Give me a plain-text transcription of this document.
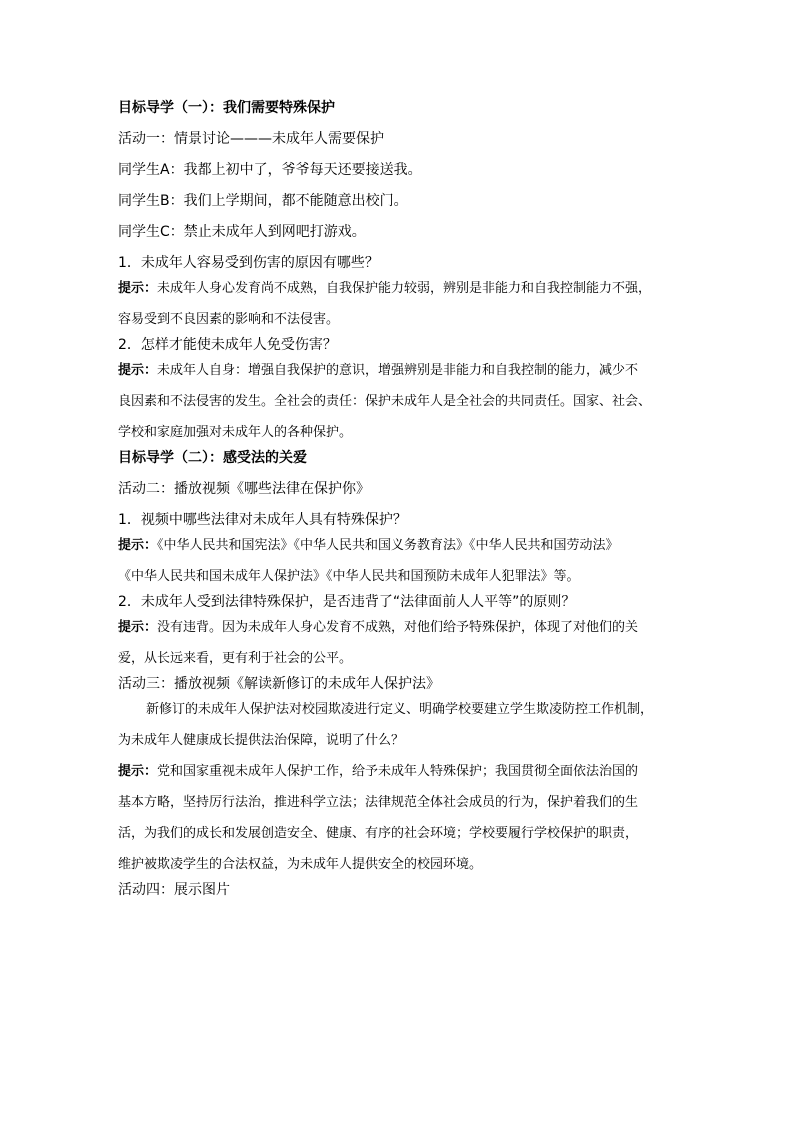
目标导学（一）：我们需要特殊保护
活动一：情景讨论———未成年人需要保护
同学生A：我都上初中了，爷爷每天还要接送我。
同学生B：我们上学期间，都不能随意出校门。
同学生C：禁止未成年人到网吧打游戏。
1．未成年人容易受到伤害的原因有哪些？
提示：未成年人身心发育尚不成熟，自我保护能力较弱，辨别是非能力和自我控制能力不强，
容易受到不良因素的影响和不法侵害。
2．怎样才能使未成年人免受伤害？
提示：未成年人自身：增强自我保护的意识，增强辨别是非能力和自我控制的能力，减少不
良因素和不法侵害的发生。全社会的责任：保护未成年人是全社会的共同责任。国家、社会、
学校和家庭加强对未成年人的各种保护。
目标导学（二）：感受法的关爱
活动二：播放视频《哪些法律在保护你》
1．视频中哪些法律对未成年人具有特殊保护？
提示：《中华人民共和国宪法》《中华人民共和国义务教育法》《中华人民共和国劳动法》
《中华人民共和国未成年人保护法》《中华人民共和国预防未成年人犯罪法》等。
2．未成年人受到法律特殊保护，是否违背了“法律面前人人平等”的原则？
提示：没有违背。因为未成年人身心发育不成熟，对他们给予特殊保护，体现了对他们的关
爱，从长远来看，更有利于社会的公平。
活动三：播放视频《解读新修订的未成年人保护法》
新修订的未成年人保护法对校园欺凌进行定义、明确学校要建立学生欺凌防控工作机制，
为未成年人健康成长提供法治保障，说明了什么？
提示：党和国家重视未成年人保护工作，给予未成年人特殊保护；我国贯彻全面依法治国的
基本方略，坚持厉行法治，推进科学立法；法律规范全体社会成员的行为，保护着我们的生
活，为我们的成长和发展创造安全、健康、有序的社会环境；学校要履行学校保护的职责，
维护被欺凌学生的合法权益，为未成年人提供安全的校园环境。
活动四：展示图片
